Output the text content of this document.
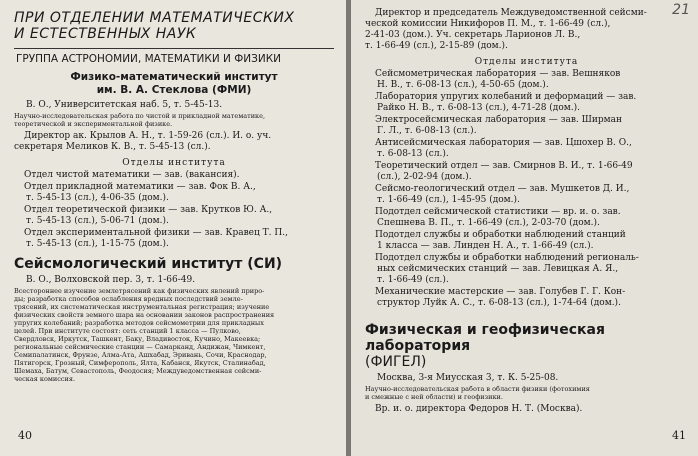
ПРИ ОТДЕЛЕНИИ МАТЕМАТИЧЕСКИХ
И ЕСТЕСТВЕННЫХ НАУК
ГРУППА АСТРОНОМИИ, МАТЕМАТИКИ И ФИЗИКИ
Физико-математический институт
им. В. А. Стеклова (ФМИ)
В. О., Университетская наб. 5, т. 5-45-13.
Научно-исследовательская работа по чистой и прикладной математике,
теоретической и экспериментальной физике.
Директор ак. Крылов А. Н., т. 1-59-26 (сл.). И. о. уч.
секретаря Меликов К. В., т. 5-45-13 (сл.).
Отделы института
Отдел чистой математики — зав. (вакансия).
Отдел прикладной математики — зав. Фок В. А.,
т. 5-45-13 (сл.), 4-06-35 (дом.).
Отдел теоретической физики — зав. Крутков Ю. А.,
т. 5-45-13 (сл.), 5-06-71 (дом.).
Отдел экспериментальной физики — зав. Кравец Т. П.,
т. 5-45-13 (сл.), 1-15-75 (дом.).
Сейсмологический институт (СИ)
В. О., Волховской пер. 3, т. 1-66-49.
Всестороннее изучение землетрясений как физических явлений приро-
ды; разработка способов ослабления вредных последствий земле-
трясений, их систематическая инструментальная регистрация; изучение
физических свойств земного шара на основании законов распространения
упругих колебаний; разработка методов сейсмометрии для прикладных
целей. При институте состоят: сеть станций 1 класса — Пулково,
Свердловск, Иркутск, Ташкент, Баку, Владивосток, Кучино, Макеевка;
региональные сейсмические станции — Самарканд, Андижан, Чимкент,
Семипалатинск, Фрунзе, Алма-Ата, Ашхабад, Эривань, Сочи, Краснодар,
Пятигорск, Грозный, Симферополь, Ялта, Кабанск, Якутск, Сталинабад,
Шемаха, Батум, Севастополь, Феодосия; Междуведомственная сейсми-
ческая комиссия.
40
21
Директор и председатель Междуведомственной сейсми-
ческой комиссии Никифоров П. М., т. 1-66-49 (сл.),
2-41-03 (дом.). Уч. секретарь Ларионов Л. В.,
т. 1-66-49 (сл.), 2-15-89 (дом.).
Отделы института
Сейсмометрическая лаборатория — зав. Вешняков
Н. В., т. 6-08-13 (сл.), 4-50-65 (дом.).
Лаборатория упругих колебаний и деформаций — зав.
Райко Н. В., т. 6-08-13 (сл.), 4-71-28 (дом.).
Электросейсмическая лаборатория — зав. Ширман
Г. Л., т. 6-08-13 (сл.).
Антисейсмическая лаборатория — зав. Цшохер В. О.,
т. 6-08-13 (сл.).
Теоретический отдел — зав. Смирнов В. И., т. 1-66-49
(сл.), 2-02-94 (дом.).
Сейсмо-геологический отдел — зав. Мушкетов Д. И.,
т. 1-66-49 (сл.), 1-45-95 (дом.).
Подотдел сейсмической статистики — вр. и. о. зав.
Спешнева В. П., т. 1-66-49 (сл.), 2-03-70 (дом.).
Подотдел службы и обработки наблюдений станций
1 класса — зав. Линден Н. А., т. 1-66-49 (сл.).
Подотдел службы и обработки наблюдений региональ-
ных сейсмических станций — зав. Левицкая А. Я.,
т. 1-66-49 (сл.).
Механические мастерские — зав. Голубев Г. Г. Кон-
структор Луйк А. С., т. 6-08-13 (сл.), 1-74-64 (дом.).
Физическая и геофизическая лаборатория
(ФИГЕЛ)
Москва, 3-я Миусская 3, т. К. 5-25-08.
Научно-исследовательская работа в области физики (фотохимия
и смежные с ней области) и геофизики.
Вр. и. о. директора Федоров Н. Т. (Москва).
41
